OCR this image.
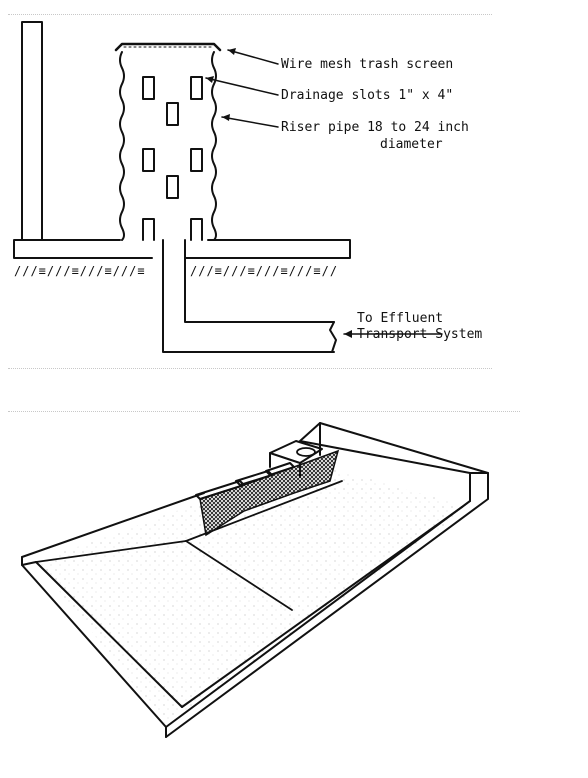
///≡///≡///≡///≡	///≡///≡///≡///≡//
Wire mesh trash screen
Drainage slots 1" x 4"
Riser pipe 18 to 24 inch
diameter
To Effluent
Transport System
